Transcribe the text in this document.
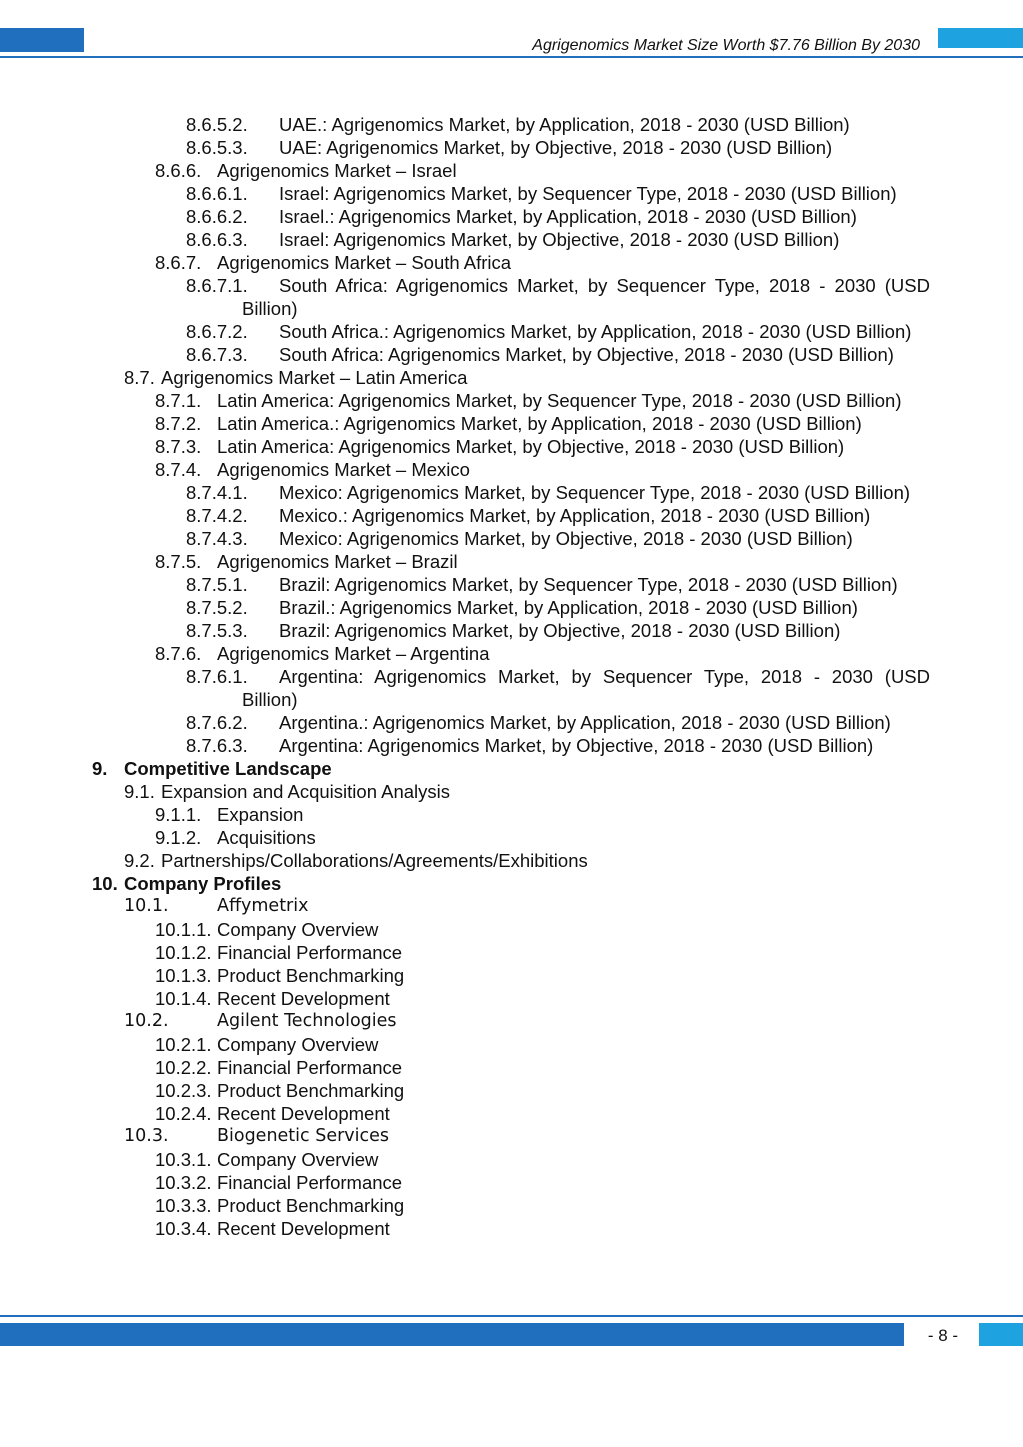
Agrigenomics Market Size Worth $7.76 Billion By 2030
8.6.5.2.	UAE.: Agrigenomics Market, by Application, 2018 - 2030 (USD Billion)
8.6.5.3.	UAE: Agrigenomics Market, by Objective, 2018 - 2030 (USD Billion)
8.6.6. Agrigenomics Market – Israel
8.6.6.1.	Israel: Agrigenomics Market, by Sequencer Type, 2018 - 2030 (USD Billion)
8.6.6.2.	Israel.: Agrigenomics Market, by Application, 2018 - 2030 (USD Billion)
8.6.6.3.	Israel: Agrigenomics Market, by Objective, 2018 - 2030 (USD Billion)
8.6.7. Agrigenomics Market – South Africa
8.6.7.1.	South Africa: Agrigenomics Market, by Sequencer Type, 2018 - 2030 (USD Billion)
8.6.7.2.	South Africa.: Agrigenomics Market, by Application, 2018 - 2030 (USD Billion)
8.6.7.3.	South Africa: Agrigenomics Market, by Objective, 2018 - 2030 (USD Billion)
8.7. Agrigenomics Market – Latin America
8.7.1. Latin America: Agrigenomics Market, by Sequencer Type, 2018 - 2030 (USD Billion)
8.7.2. Latin America.: Agrigenomics Market, by Application, 2018 - 2030 (USD Billion)
8.7.3. Latin America: Agrigenomics Market, by Objective, 2018 - 2030 (USD Billion)
8.7.4. Agrigenomics Market – Mexico
8.7.4.1.	Mexico: Agrigenomics Market, by Sequencer Type, 2018 - 2030 (USD Billion)
8.7.4.2.	Mexico.: Agrigenomics Market, by Application, 2018 - 2030 (USD Billion)
8.7.4.3.	Mexico: Agrigenomics Market, by Objective, 2018 - 2030 (USD Billion)
8.7.5. Agrigenomics Market – Brazil
8.7.5.1.	Brazil: Agrigenomics Market, by Sequencer Type, 2018 - 2030 (USD Billion)
8.7.5.2.	Brazil.: Agrigenomics Market, by Application, 2018 - 2030 (USD Billion)
8.7.5.3.	Brazil: Agrigenomics Market, by Objective, 2018 - 2030 (USD Billion)
8.7.6. Agrigenomics Market – Argentina
8.7.6.1.	Argentina: Agrigenomics Market, by Sequencer Type, 2018 - 2030 (USD Billion)
8.7.6.2.	Argentina.: Agrigenomics Market, by Application, 2018 - 2030 (USD Billion)
8.7.6.3.	Argentina: Agrigenomics Market, by Objective, 2018 - 2030 (USD Billion)
9. Competitive Landscape
9.1. Expansion and Acquisition Analysis
9.1.1. Expansion
9.1.2. Acquisitions
9.2. Partnerships/Collaborations/Agreements/Exhibitions
10. Company Profiles
10.1.	Affymetrix
10.1.1. Company Overview
10.1.2. Financial Performance
10.1.3. Product Benchmarking
10.1.4. Recent Development
10.2.	Agilent Technologies
10.2.1. Company Overview
10.2.2. Financial Performance
10.2.3. Product Benchmarking
10.2.4. Recent Development
10.3.	Biogenetic Services
10.3.1. Company Overview
10.3.2. Financial Performance
10.3.3. Product Benchmarking
10.3.4. Recent Development
- 8 -
